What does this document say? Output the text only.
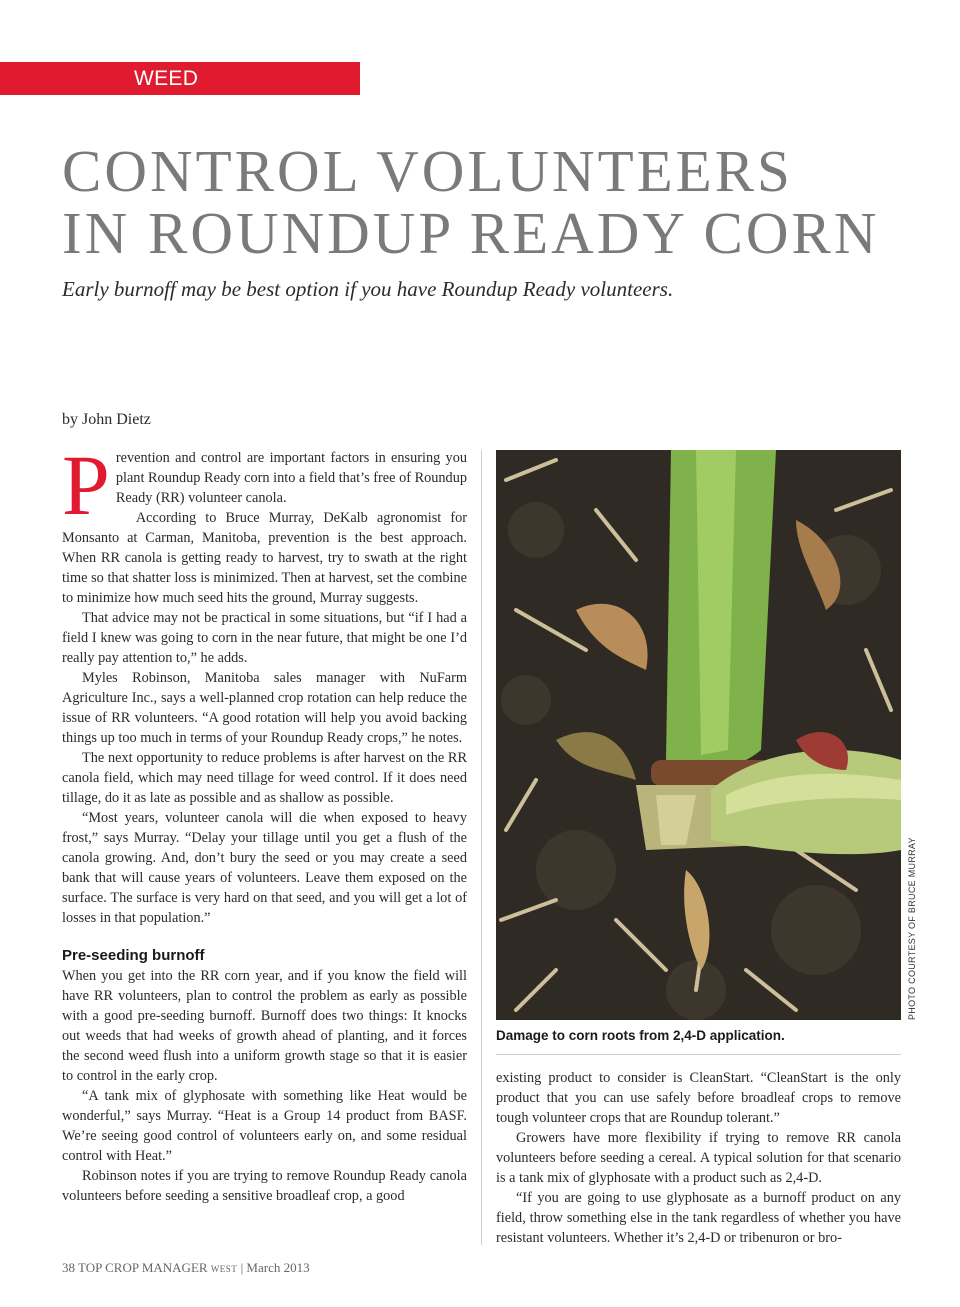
WEED MANAGEMENT
CONTROL VOLUNTEERS
IN ROUNDUP READY CORN

Early burnoff may be best option if you have Roundup Ready volunteers.

by John Dietz

Prevention and control are important factors in ensuring you plant Roundup Ready corn into a field that’s free of Roundup Ready (RR) volunteer canola.

According to Bruce Murray, DeKalb agronomist for Monsanto at Carman, Manitoba, prevention is the best approach. When RR canola is getting ready to harvest, try to swath at the right time so that shatter loss is minimized. Then at harvest, set the combine to minimize how much seed hits the ground, Murray suggests.

That advice may not be practical in some situations, but “if I had a field I knew was going to corn in the near future, that might be one I’d really pay attention to,” he adds.

Myles Robinson, Manitoba sales manager with NuFarm Agriculture Inc., says a well-planned crop rotation can help reduce the issue of RR volunteers. “A good rotation will help you avoid backing things up too much in terms of your Roundup Ready crops,” he notes.

The next opportunity to reduce problems is after harvest on the RR canola field, which may need tillage for weed control. If it does need tillage, do it as late as possible and as shallow as possible.

“Most years, volunteer canola will die when exposed to heavy frost,” says Murray. “Delay your tillage until you get a flush of the canola growing. And, don’t bury the seed or you may create a seed bank that will cause years of volunteers. Leave them exposed on the surface. The surface is very hard on that seed, and you will get a lot of losses in that population.”

Pre-seeding burnoff

When you get into the RR corn year, and if you know the field will have RR volunteers, plan to control the problem as early as possible with a good pre-seeding burnoff. Burnoff does two things: It knocks out weeds that had weeks of growth ahead of planting, and it forces the second weed flush into a uniform growth stage so that it is easier to control in the early crop.

“A tank mix of glyphosate with something like Heat would be wonderful,” says Murray. “Heat is a Group 14 product from BASF. We’re seeing good control of volunteers early on, and some residual control with Heat.”

Robinson notes if you are trying to remove Roundup Ready canola volunteers before seeding a sensitive broadleaf crop, a good

PHOTO COURTESY OF BRUCE MURRAY
Damage to corn roots from 2,4-D application.

existing product to consider is CleanStart. “CleanStart is the only product that you can use safely before broadleaf crops to remove tough volunteer crops that are Roundup tolerant.”

Growers have more flexibility if trying to remove RR canola volunteers before seeding a cereal. A typical solution for that scenario is a tank mix of glyphosate with a product such as 2,4-D.

“If you are going to use glyphosate as a burnoff product on any field, throw something else in the tank regardless of whether you have resistant volunteers. Whether it’s 2,4-D or tribenuron or bro-

38 TOP CROP MANAGER WEST | March 2013
